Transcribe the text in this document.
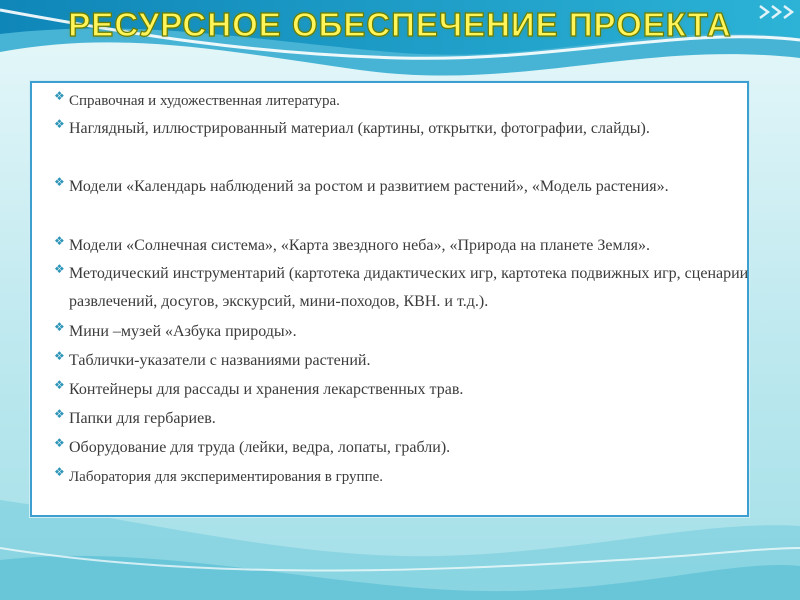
РЕСУРСНОЕ ОБЕСПЕЧЕНИЕ ПРОЕКТА
❖ Справочная и художественная литература.
❖ Наглядный, иллюстрированный материал (картины, открытки, фотографии, слайды).
❖ Модели «Календарь наблюдений за ростом и развитием растений», «Модель растения».
❖ Модели «Солнечная система», «Карта звездного неба», «Природа на планете Земля».
❖ Методический инструментарий (картотека дидактических игр, картотека подвижных игр, сценарии развлечений, досугов, экскурсий, мини-походов, КВН. и т.д.).
❖ Мини –музей «Азбука природы».
❖ Таблички-указатели с названиями растений.
❖ Контейнеры для рассады и хранения лекарственных трав.
❖ Папки для гербариев.
❖ Оборудование для труда (лейки, ведра, лопаты, грабли).
❖ Лаборатория для экспериментирования в группе.
